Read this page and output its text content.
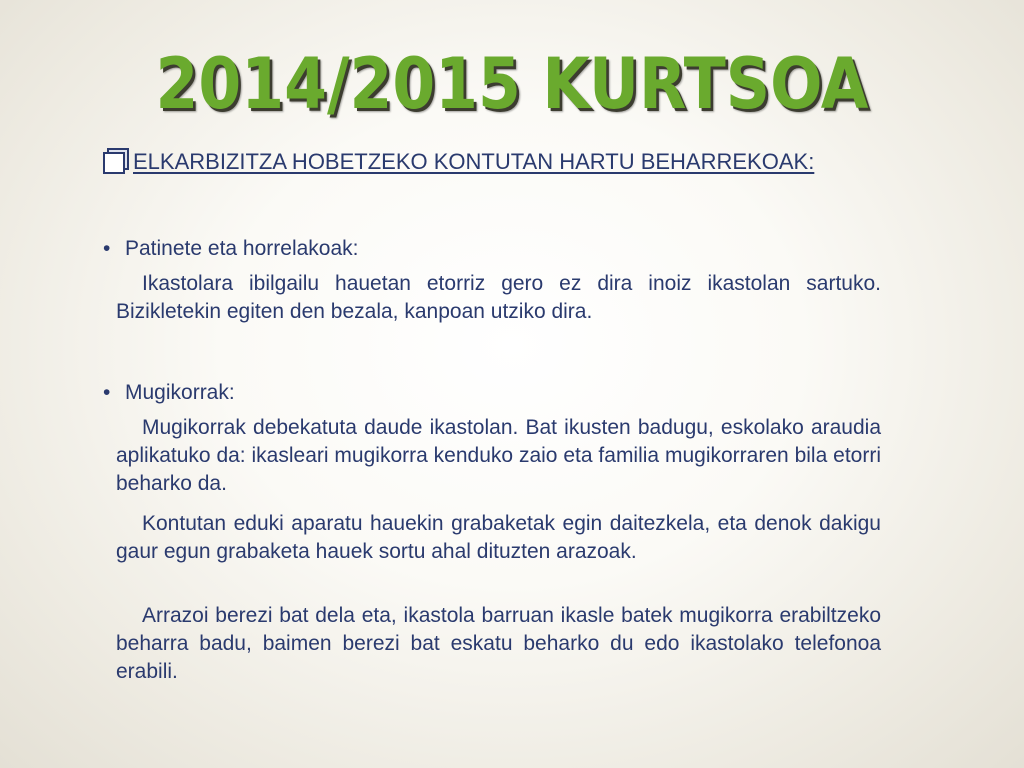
2014/2015 KURTSOA
ELKARBIZITZA HOBETZEKO KONTUTAN HARTU BEHARREKOAK:
• Patinete eta horrelakoak:

Ikastolara ibilgailu hauetan etorriz gero ez dira inoiz ikastolan sartuko. Bizikletekin egiten den bezala, kanpoan utziko dira.

• Mugikorrak:

Mugikorrak debekatuta daude ikastolan. Bat ikusten badugu, eskolako araudia aplikatuko da: ikasleari mugikorra kenduko zaio eta familia mugikorraren bila etorri beharko da.

Kontutan eduki aparatu hauekin grabaketak egin daitezkela, eta denok dakigu gaur egun grabaketa hauek sortu ahal dituzten arazoak.

Arrazoi berezi bat dela eta, ikastola barruan ikasle batek mugikorra erabiltzeko beharra badu, baimen berezi bat eskatu beharko du edo ikastolako telefonoa erabili.
